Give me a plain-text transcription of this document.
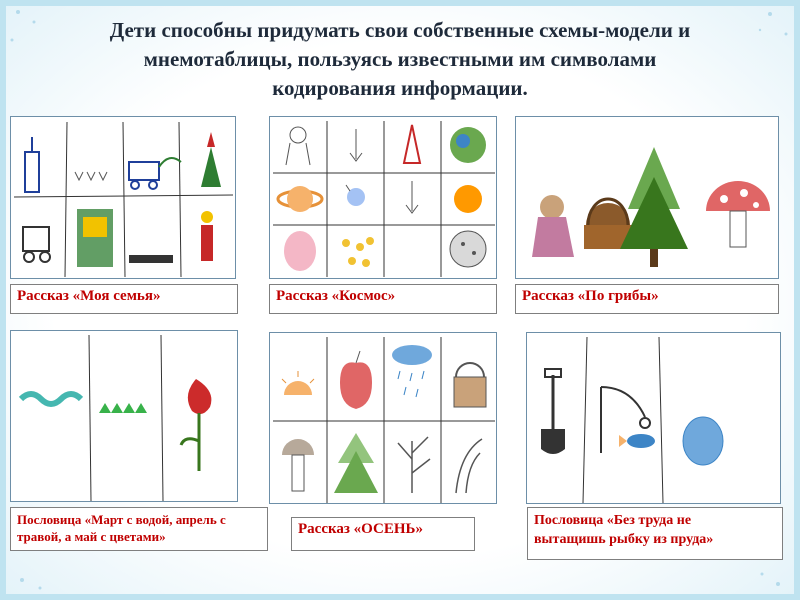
Дети способны придумать свои собственные схемы-модели и
мнемотаблицы, пользуясь известными им символами
кодирования информации.
Рассказ «Моя семья»	Рассказ «Космос»	Рассказ «По грибы»
Пословица «Март с водой, апрель с
травой, а май с цветами»	Рассказ «ОСЕНЬ»
Пословица «Без труда не
вытащишь рыбку из пруда»
